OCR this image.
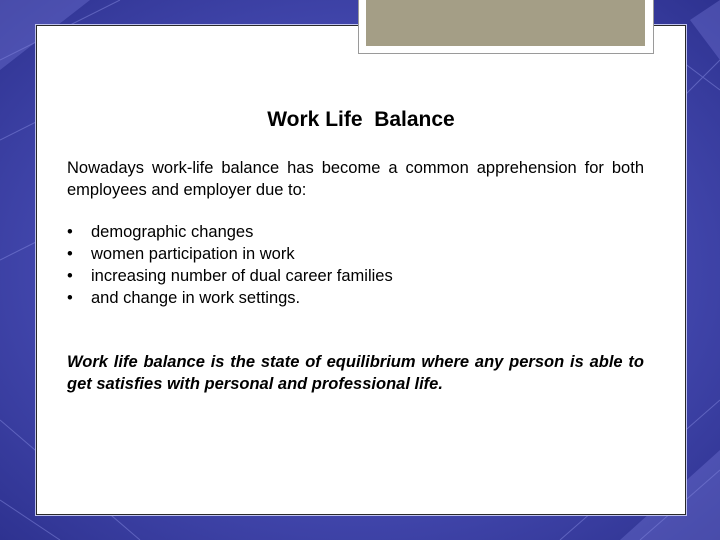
Work Life  Balance

Nowadays work-life balance has become a common apprehension for both employees and employer due to:

• demographic changes
• women participation in work
• increasing number of dual career families
• and change in work settings.

Work life balance is the state of equilibrium where any person is able to get satisfies with personal and professional life.
